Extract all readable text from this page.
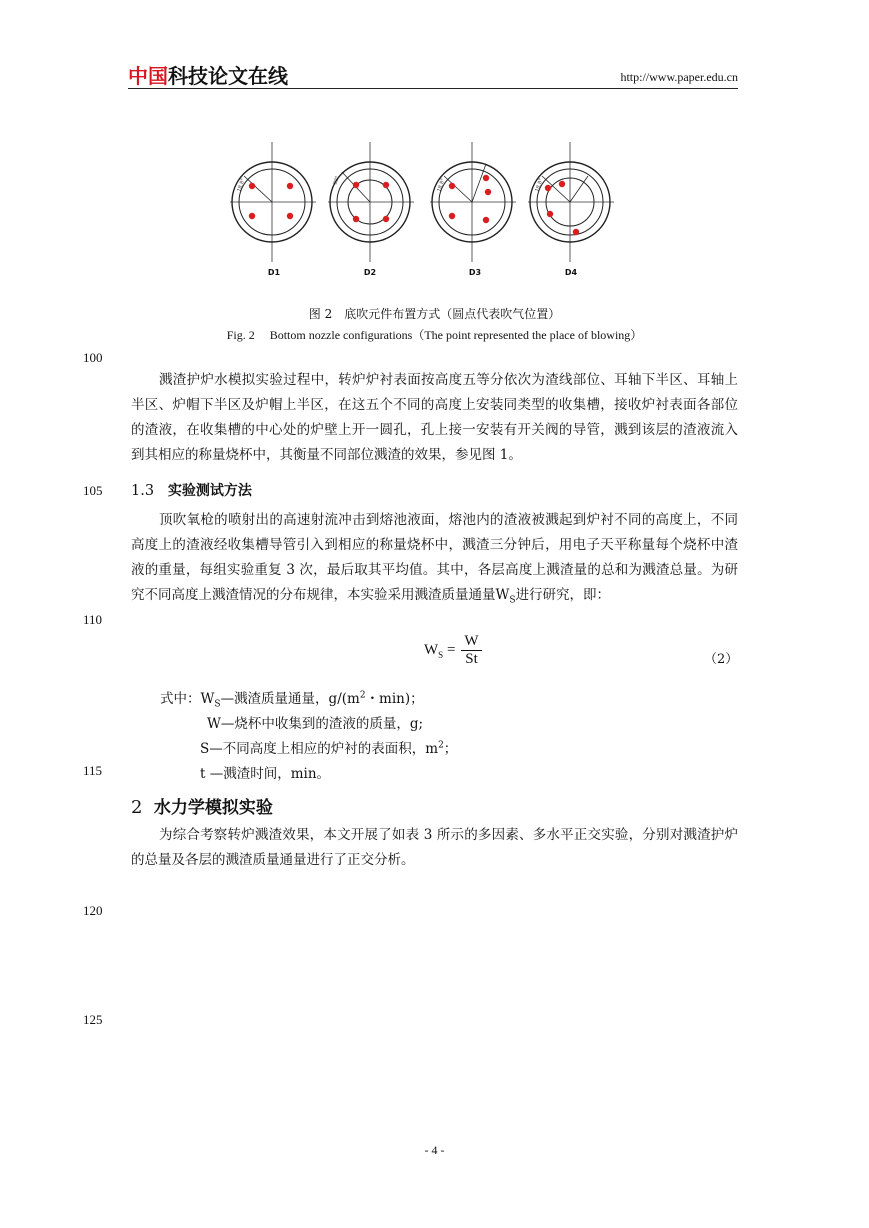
中国科技论文在线	http://www.paper.edu.cn
18.8°	22°	18.8°	18.8°
D1	D2	D3	D4
图 2　底吹元件布置方式（圆点代表吹气位置）
Fig. 2　 Bottom nozzle configurations（The point represented the place of blowing）
100
105
110
115
120
125
溅渣护炉水模拟实验过程中，转炉炉衬表面按高度五等分依次为渣线部位、耳轴下半区、耳轴上半区、炉帽下半区及炉帽上半区，在这五个不同的高度上安装同类型的收集槽，接收炉衬表面各部位的渣液，在收集槽的中心处的炉壁上开一圆孔，孔上接一安装有开关阀的导管，溅到该层的渣液流入到其相应的称量烧杯中，其衡量不同部位溅渣的效果，参见图 1。
1.3 实验测试方法
顶吹氧枪的喷射出的高速射流冲击到熔池液面，熔池内的渣液被溅起到炉衬不同的高度上，不同高度上的渣液经收集槽导管引入到相应的称量烧杯中，溅渣三分钟后，用电子天平称量每个烧杯中渣液的重量，每组实验重复 3 次，最后取其平均值。其中，各层高度上溅渣量的总和为溅渣总量。为研究不同高度上溅渣情况的分布规律，本实验采用溅渣质量通量$W_S$进行研究，即：
$W_S$ =	W
St	（2）
式中：$W_S—$溅渣质量通量，$g/(m^2$・min)；
W—烧杯中收集到的渣液的质量，g;
S—不同高度上相应的炉衬的表面积，$m^2$；
t —溅渣时间，min。
2 水力学模拟实验
为综合考察转炉溅渣效果，本文开展了如表 3 所示的多因素、多水平正交实验，分别对溅渣护炉的总量及各层的溅渣质量通量进行了正交分析。
- 4 -
